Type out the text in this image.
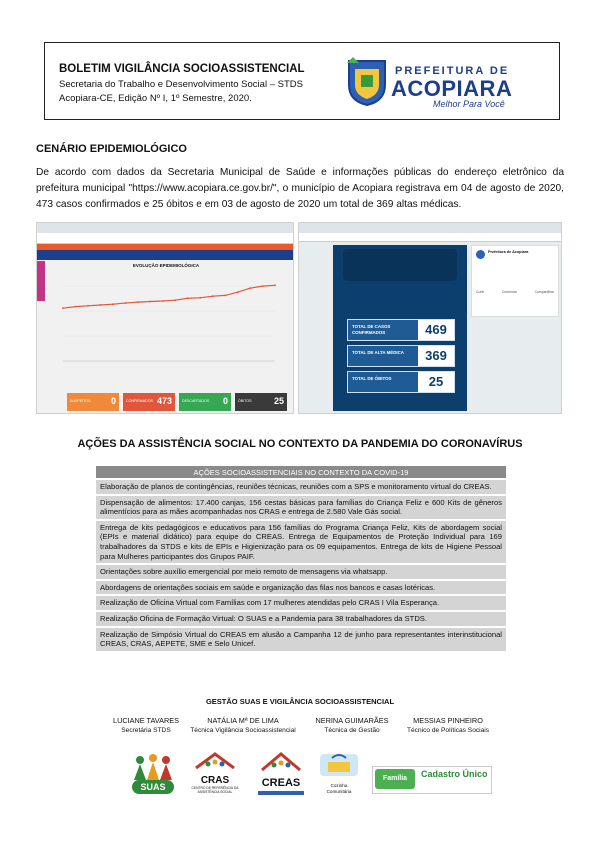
BOLETIM VIGILÂNCIA SOCIOASSISTENCIAL
Secretaria do Trabalho e Desenvolvimento Social – STDS
Acopiara-CE, Edição Nº I, 1º Semestre, 2020.
PREFEITURA DE
ACOPIARA
Melhor Para Você
CENÁRIO EPIDEMIOLÓGICO
De acordo com dados da Secretaria Municipal de Saúde e informações públicas do endereço eletrônico da prefeitura municipal "https://www.acopiara.ce.gov.br/", o município de Acopiara registrava em 04 de agosto de 2020, 473 casos confirmados e 25 óbitos e em 03 de agosto de 2020 um total de 369 altas médicas.
EVOLUÇÃO EPIDEMIOLÓGICA
SUSPEITOS 0	CONFIRMADOS 473	DESCARTADOS 0	ÓBITOS 25
TOTAL DE CASOS CONFIRMADOS	469
TOTAL DE ALTA MÉDICA	369
TOTAL DE ÓBITOS	25
Prefeitura de Acopiara
Curtir	Comentar	Compartilhar
AÇÕES DA ASSISTÊNCIA SOCIAL NO CONTEXTO DA PANDEMIA DO CORONAVÍRUS
AÇÕES SOCIOASSISTENCIAIS NO CONTEXTO DA COVID-19
Elaboração de planos de contingências, reuniões técnicas, reuniões com a SPS e monitoramento virtual do CREAS.
Dispensação de alimentos: 17.400 canjas, 156 cestas básicas para famílias do Criança Feliz e 600 Kits de gêneros alimentícios para as mães acompanhadas nos CRAS e entrega de 2.580 Vale Gás social.
Entrega de kits pedagógicos e educativos para 156 famílias do Programa Criança Feliz, Kits de abordagem social (EPIs e material didático) para equipe do CREAS. Entrega de Equipamentos de Proteção Individual para 169 trabalhadores da STDS e kits de EPIs e Higienização para os 09 equipamentos. Entrega de kits de Higiene Pessoal para Mulheres participantes dos Grupos PAIF.
Orientações sobre auxílio emergencial por meio remoto de mensagens via whatsapp.
Abordagens de orientações sociais em saúde e organização das filas nos bancos e casas lotéricas.
Realização de Oficina Virtual com Famílias com 17 mulheres atendidas pelo CRAS I Vila Esperança.
Realização Oficina de Formação Virtual: O SUAS e a Pandemia para 38 trabalhadores da STDS.
Realização de Simpósio Virtual do CREAS em alusão a Campanha 12 de junho para representantes interinstitucional CREAS, CRAS, AEPETE, SME e Selo Unicef.
GESTÃO SUAS E VIGILÂNCIA SOCIOASSISTENCIAL
LUCIANE TAVARES
Secretária STDS
NATÁLIA Mª DE LIMA
Técnica Vigilância Socioassistencial
NERINA GUIMARÃES
Técnica de Gestão
MESSIAS PINHEIRO
Técnico de Políticas Sociais
SUAS
CRAS
CENTRO DE REFERÊNCIA DA ASSISTÊNCIA SOCIAL
CREAS	Cozinha Comunitária
Família	Cadastro Único
